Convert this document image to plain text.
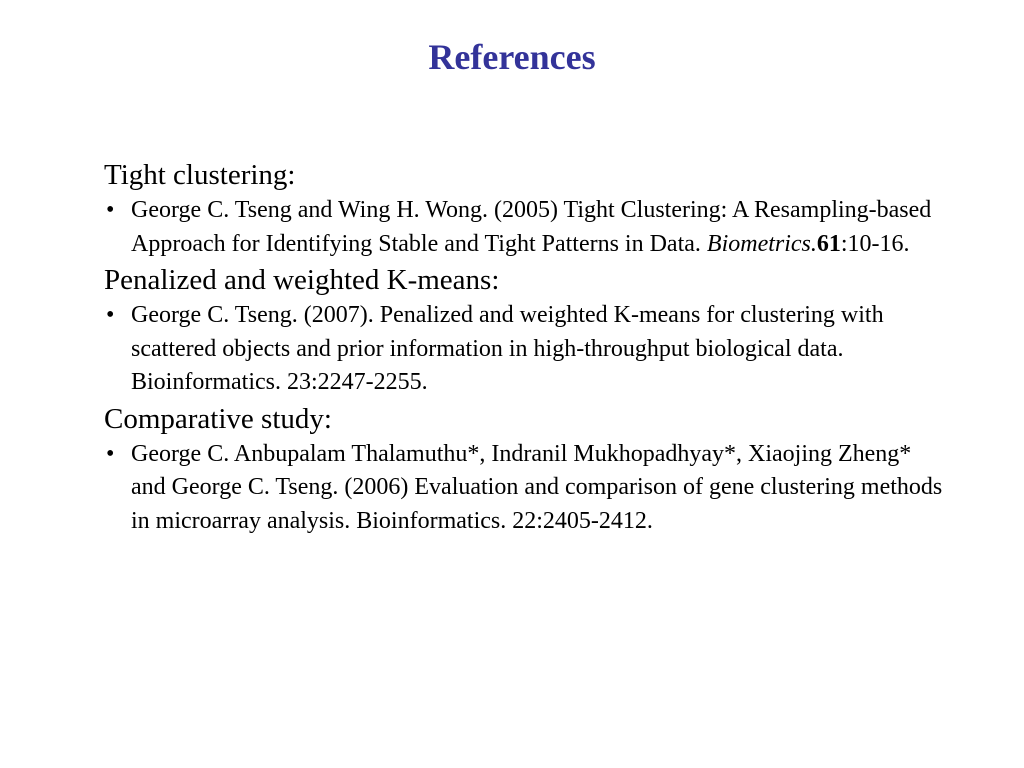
References

Tight clustering:

• George C. Tseng and Wing H. Wong. (2005) Tight Clustering: A Resampling-based Approach for Identifying Stable and Tight Patterns in Data. Biometrics.61:10-16.

Penalized and weighted K-means:

• George C. Tseng. (2007). Penalized and weighted K-means for clustering with scattered objects and prior information in high-throughput biological data. Bioinformatics. 23:2247-2255.

Comparative study:

• George C. Anbupalam Thalamuthu*, Indranil Mukhopadhyay*, Xiaojing Zheng* and George C. Tseng. (2006) Evaluation and comparison of gene clustering methods in microarray analysis. Bioinformatics. 22:2405-2412.
